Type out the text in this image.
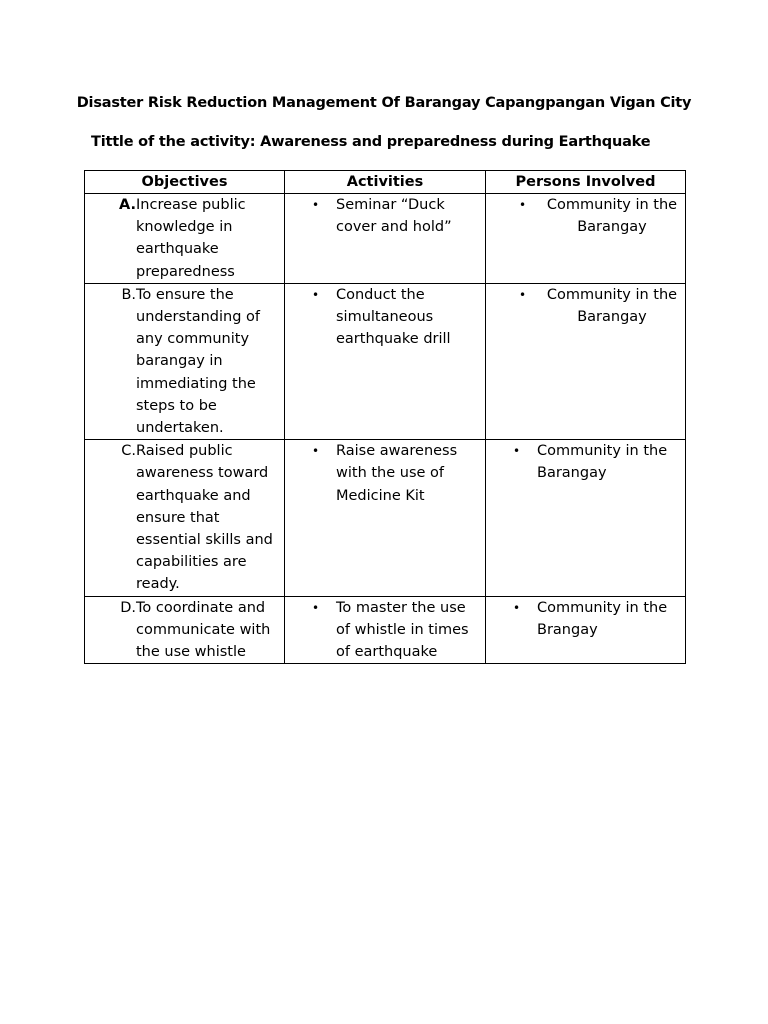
Disaster Risk Reduction Management Of Barangay Capangpangan Vigan City
Tittle of the activity: Awareness and preparedness during Earthquake
Objectives	Activities	Persons Involved

A. Increase public knowledge in earthquake preparedness	• Seminar “Duck cover and hold”	• Community in the Barangay

B. To ensure the understanding of any community barangay in immediating the steps to be undertaken.	• Conduct the simultaneous earthquake drill	• Community in the Barangay

C. Raised public awareness toward earthquake and ensure that essential skills and capabilities are ready.	• Raise awareness with the use of Medicine Kit	• Community in the Barangay

D. To coordinate and communicate with the use whistle	• To master the use of whistle in times of earthquake	• Community in the Brangay
